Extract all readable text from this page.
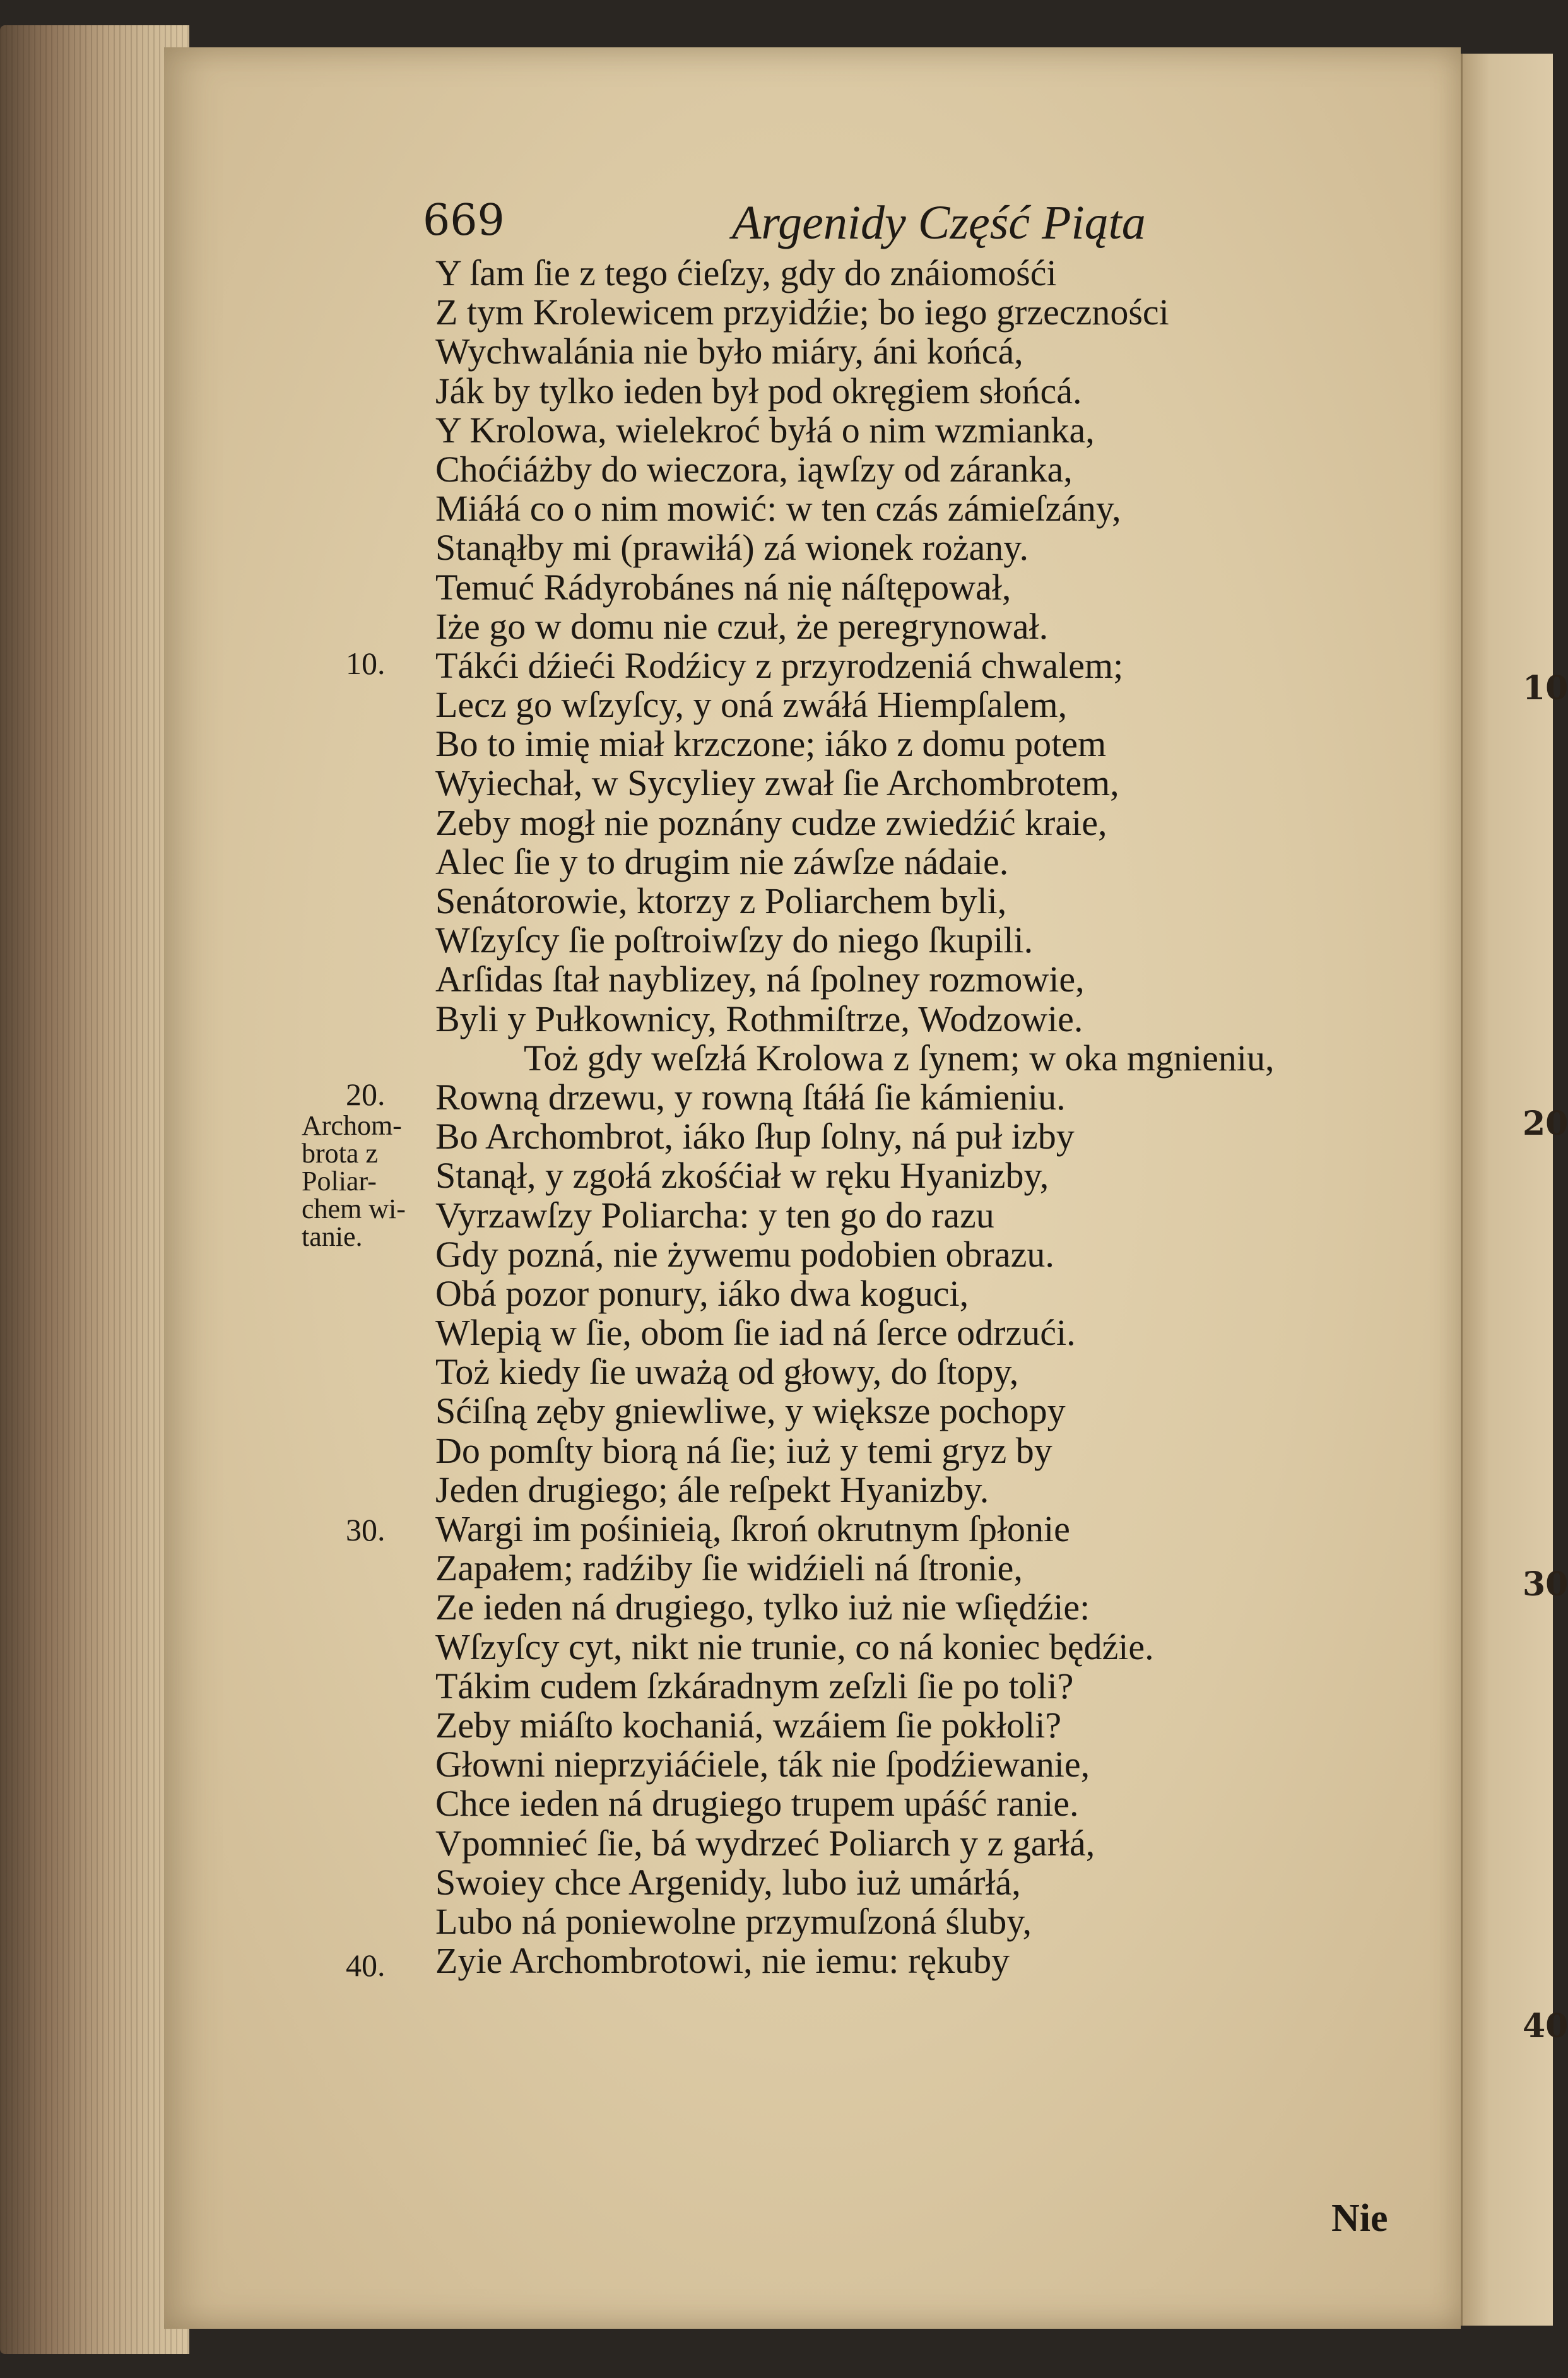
10
20
30
40
669	Argenidy Część Piąta
10.
20.
30.
40.
Archom-
brota z
Poliar-
chem wi-
tanie.
Y ſam ſie z tego ćieſzy, gdy do znáiomośći
Z tym Krolewicem przyidźie; bo iego grzeczności
Wychwalánia nie było miáry, áni końcá,
Ják by tylko ieden był pod okręgiem słońcá.
Y Krolowa, wielekroć byłá o nim wzmianka,
Choćiáżby do wieczora, iąwſzy od záranka,
Miáłá co o nim mowić: w ten czás zámieſzány,
Stanąłby mi (prawiłá) zá wionek rożany.
Temuć Rádyrobánes ná nię náſtępował,
Iże go w domu nie czuł, że peregrynował.
Tákći dźieći Rodźicy z przyrodzeniá chwalem;
Lecz go wſzyſcy, y oná zwáłá Hiempſalem,
Bo to imię miał krzczone; iáko z domu potem
Wyiechał, w Sycyliey zwał ſie Archombrotem,
Zeby mogł nie poznány cudze zwiedźić kraie,
Alec ſie y to drugim nie záwſze nádaie.
Senátorowie, ktorzy z Poliarchem byli,
Wſzyſcy ſie poſtroiwſzy do niego ſkupili.
Arſidas ſtał nayblizey, ná ſpolney rozmowie,
Byli y Pułkownicy, Rothmiſtrze, Wodzowie.
Toż gdy weſzłá Krolowa z ſynem; w oka mgnieniu,
Rowną drzewu, y rowną ſtáłá ſie kámieniu.
Bo Archombrot, iáko ſłup ſolny, ná puł izby
Stanął, y zgołá zkośćiał w ręku Hyanizby,
Vyrzawſzy Poliarcha: y ten go do razu
Gdy pozná, nie żywemu podobien obrazu.
Obá pozor ponury, iáko dwa koguci,
Wlepią w ſie, obom ſie iad ná ſerce odrzući.
Toż kiedy ſie uważą od głowy, do ſtopy,
Sćiſną zęby gniewliwe, y większe pochopy
Do pomſty biorą ná ſie; iuż y temi gryz by
Jeden drugiego; ále reſpekt Hyanizby.
Wargi im pośinieią, ſkroń okrutnym ſpłonie
Zapałem; radźiby ſie widźieli ná ſtronie,
Ze ieden ná drugiego, tylko iuż nie wſiędźie:
Wſzyſcy cyt, nikt nie trunie, co ná koniec będźie.
Tákim cudem ſzkáradnym zeſzli ſie po toli?
Zeby miáſto kochaniá, wzáiem ſie pokłoli?
Głowni nieprzyiáćiele, ták nie ſpodźiewanie,
Chce ieden ná drugiego trupem upáść ranie.
Vpomnieć ſie, bá wydrzeć Poliarch y z garłá,
Swoiey chce Argenidy, lubo iuż umárłá,
Lubo ná poniewolne przymuſzoná śluby,
Zyie Archombrotowi, nie iemu: rękuby
Nie
